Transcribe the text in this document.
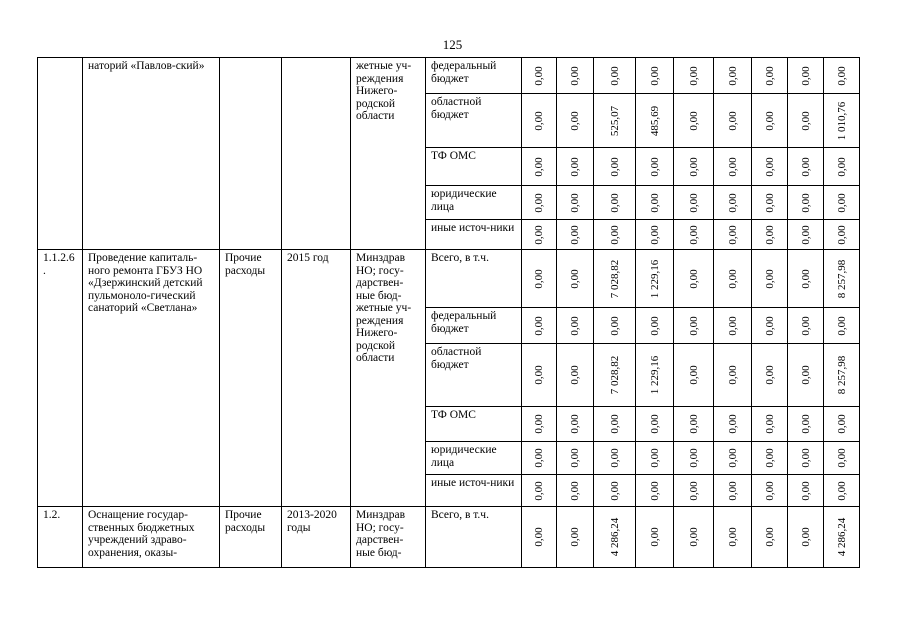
125
	наторий «Павлов-ский»			жетные уч-реждения Нижего-родской области	федеральный бюджет	0,00	0,00	0,00	0,00	0,00	0,00	0,00	0,00	0,00

					областной бюджет	0,00	0,00	525,07	485,69	0,00	0,00	0,00	0,00	1 010,76

					ТФ ОМС	0,00	0,00	0,00	0,00	0,00	0,00	0,00	0,00	0,00

					юридические лица	0,00	0,00	0,00	0,00	0,00	0,00	0,00	0,00	0,00

					иные источ-ники	0,00	0,00	0,00	0,00	0,00	0,00	0,00	0,00	0,00

1.1.2.6.	Проведение капиталь-ного ремонта ГБУЗ НО «Дзержинский детский пульмоноло-гический санаторий «Светлана»	Прочие расходы	2015 год	Минздрав НО; госу-дарствен-ные бюд-жетные уч-реждения Нижего-родской области	Всего, в т.ч.	0,00	0,00	7 028,82	1 229,16	0,00	0,00	0,00	0,00	8 257,98

					федеральный бюджет	0,00	0,00	0,00	0,00	0,00	0,00	0,00	0,00	0,00

					областной бюджет	0,00	0,00	7 028,82	1 229,16	0,00	0,00	0,00	0,00	8 257,98

					ТФ ОМС	0,00	0,00	0,00	0,00	0,00	0,00	0,00	0,00	0,00

					юридические лица	0,00	0,00	0,00	0,00	0,00	0,00	0,00	0,00	0,00

					иные источ-ники	0,00	0,00	0,00	0,00	0,00	0,00	0,00	0,00	0,00

1.2.	Оснащение государ-ственных бюджетных учреждений здраво-охранения, оказы-	Прочие расходы	2013-2020 годы	Минздрав НО; госу-дарствен-ные бюд-	Всего, в т.ч.	0,00	0,00	4 286,24	0,00	0,00	0,00	0,00	0,00	4 286,24
